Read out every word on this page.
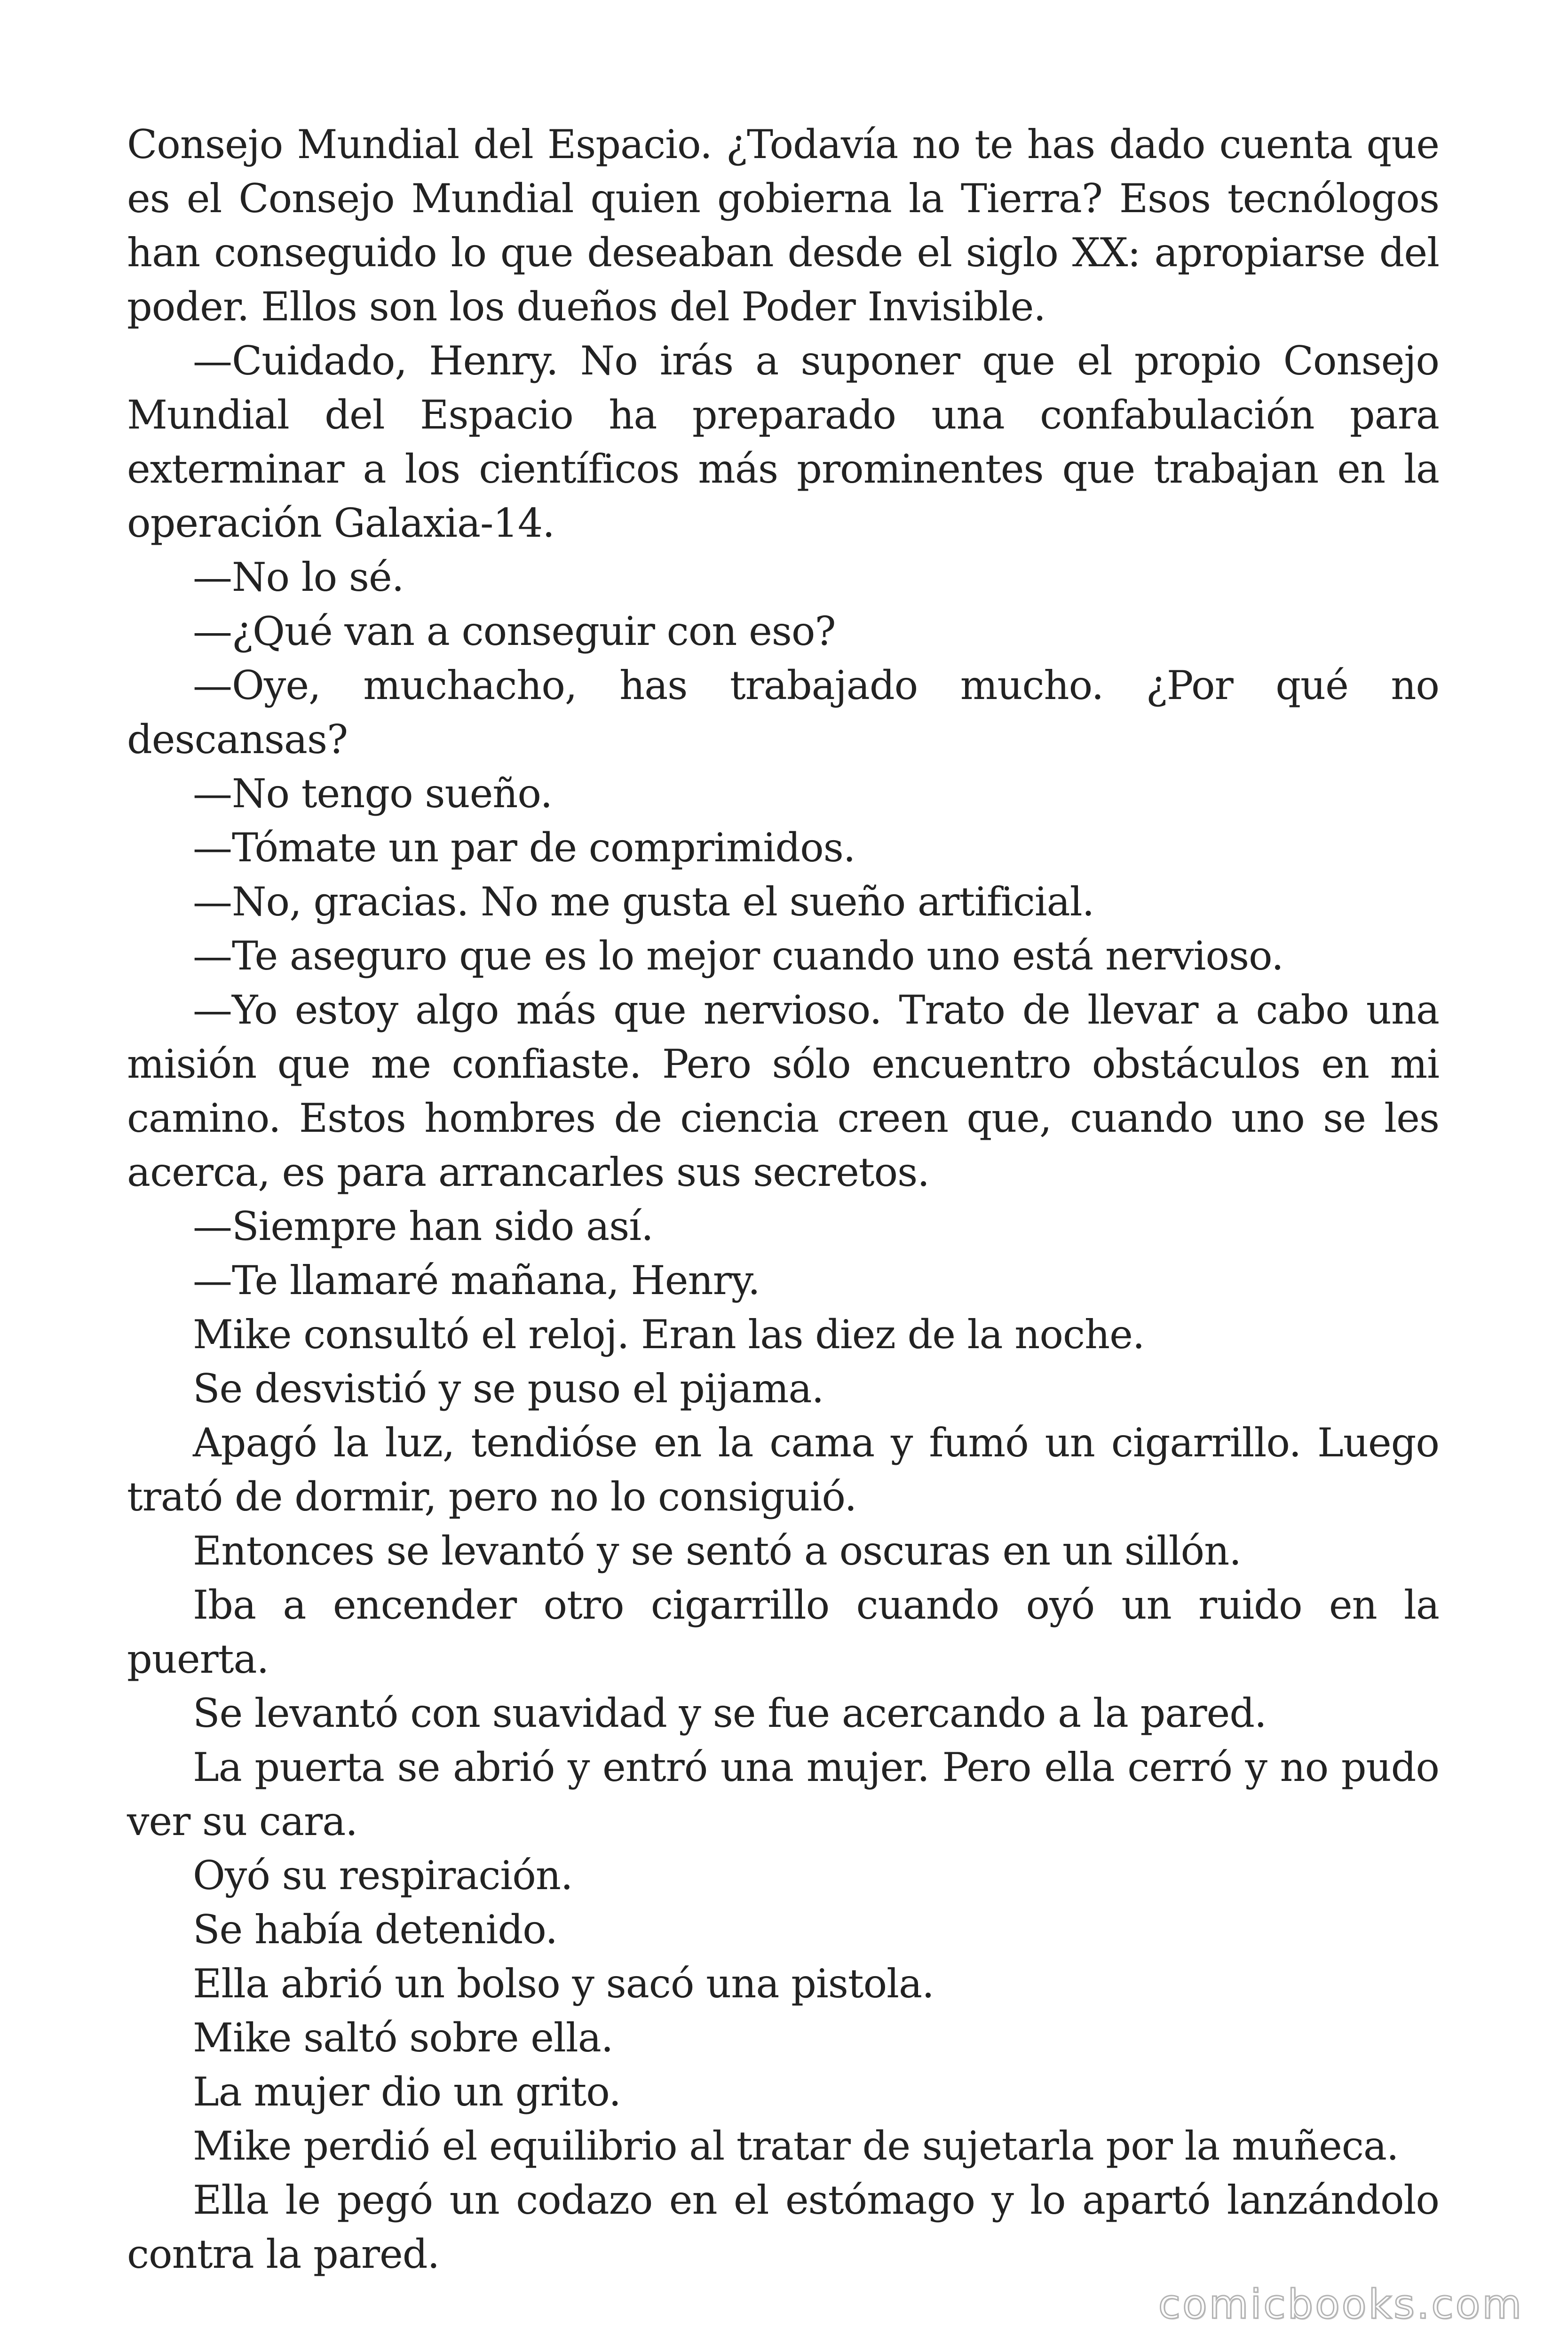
Consejo Mundial del Espacio. ¿Todavía no te has dado cuenta que es el Consejo Mundial quien gobierna la Tierra? Esos tecnólogos han conseguido lo que deseaban desde el siglo XX: apropiarse del poder. Ellos son los dueños del Poder Invisible.

—Cuidado, Henry. No irás a suponer que el propio Consejo Mundial del Espacio ha preparado una confabulación para exterminar a los científicos más prominentes que trabajan en la operación Galaxia-14.

—No lo sé.

—¿Qué van a conseguir con eso?

—Oye, muchacho, has trabajado mucho. ¿Por qué no descansas?

—No tengo sueño.

—Tómate un par de comprimidos.

—No, gracias. No me gusta el sueño artificial.

—Te aseguro que es lo mejor cuando uno está nervioso.

—Yo estoy algo más que nervioso. Trato de llevar a cabo una misión que me confiaste. Pero sólo encuentro obstáculos en mi camino. Estos hombres de ciencia creen que, cuando uno se les acerca, es para arrancarles sus secretos.

—Siempre han sido así.

—Te llamaré mañana, Henry.

Mike consultó el reloj. Eran las diez de la noche.

Se desvistió y se puso el pijama.

Apagó la luz, tendióse en la cama y fumó un cigarrillo. Luego trató de dormir, pero no lo consiguió.

Entonces se levantó y se sentó a oscuras en un sillón.

Iba a encender otro cigarrillo cuando oyó un ruido en la puerta.

Se levantó con suavidad y se fue acercando a la pared.

La puerta se abrió y entró una mujer. Pero ella cerró y no pudo ver su cara.

Oyó su respiración.

Se había detenido.

Ella abrió un bolso y sacó una pistola.

Mike saltó sobre ella.

La mujer dio un grito.

Mike perdió el equilibrio al tratar de sujetarla por la muñeca.

Ella le pegó un codazo en el estómago y lo apartó lanzándolo contra la pared.

comicbooks.com
